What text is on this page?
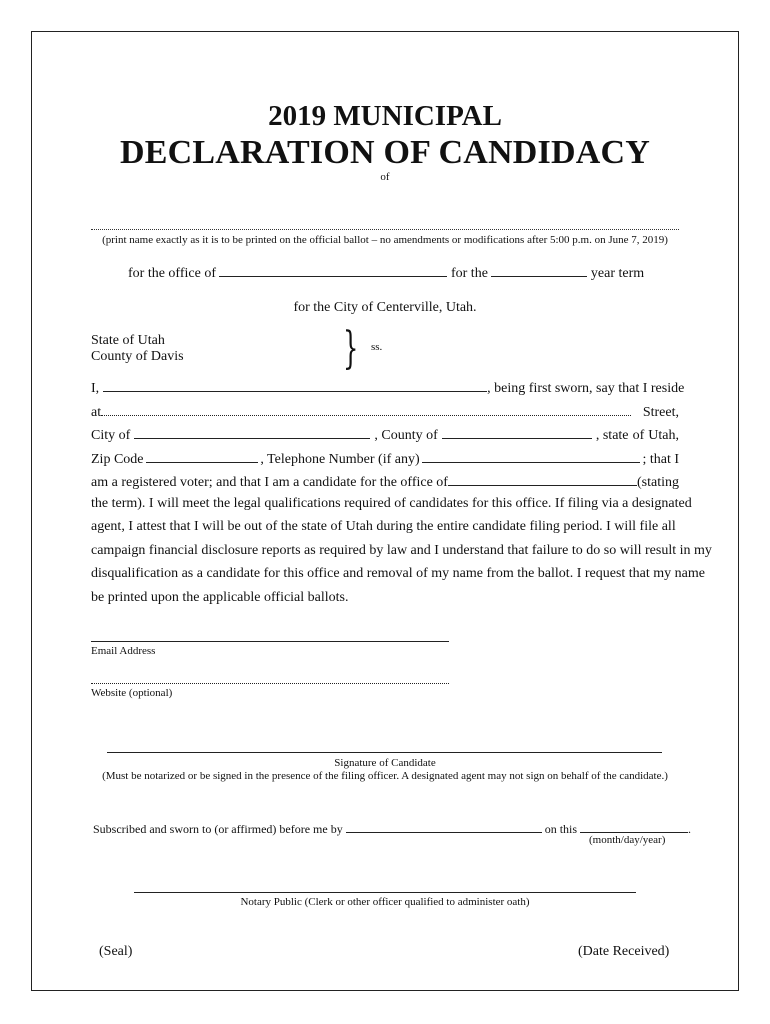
2019 MUNICIPAL
DECLARATION OF CANDIDACY
of
(print name exactly as it is to be printed on the official ballot – no amendments or modifications after 5:00 p.m. on June 7, 2019)
for the office of	for the	year term
for the City of Centerville, Utah.
State of Utah
County of Davis	} ss.
I,	, being first sworn, say that I reside
at	Street,
City of	, County of	, state of Utah,
Zip Code	, Telephone Number (if any)	; that I
am a registered voter; and that I am a candidate for the office of	(stating
the term). I will meet the legal qualifications required of candidates for this office. If filing via a designated
agent, I attest that I will be out of the state of Utah during the entire candidate filing period. I will file all
campaign financial disclosure reports as required by law and I understand that failure to do so will result in my
disqualification as a candidate for this office and removal of my name from the ballot. I request that my name
be printed upon the applicable official ballots.
Email Address
Website (optional)
Signature of Candidate
(Must be notarized or be signed in the presence of the filing officer. A designated agent may not sign on behalf of the candidate.)
Subscribed and sworn to (or affirmed) before me by	on this	.
(month/day/year)
Notary Public (Clerk or other officer qualified to administer oath)
(Seal)	(Date Received)
